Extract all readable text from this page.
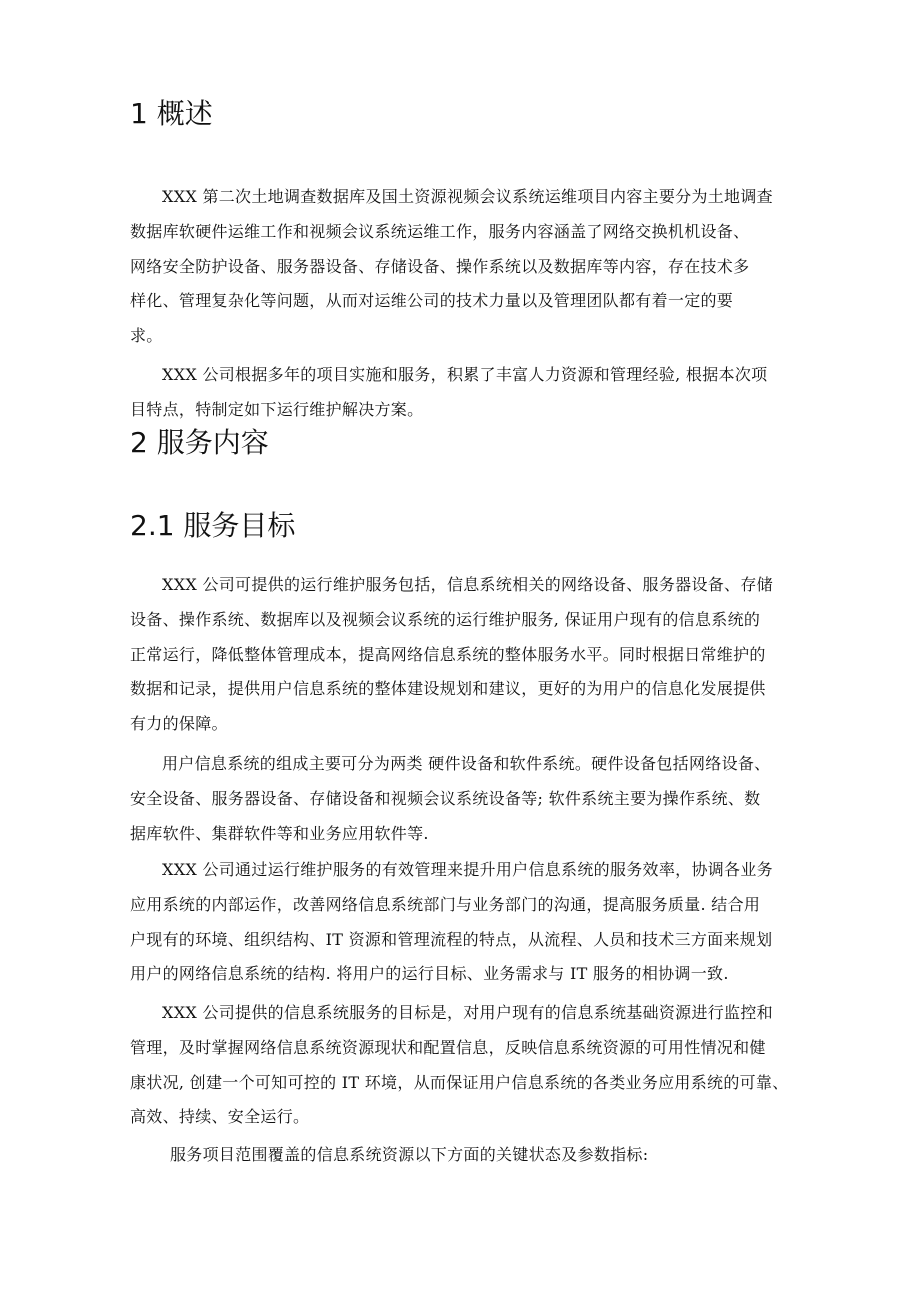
1 概述
XXX 第二次土地调查数据库及国土资源视频会议系统运维项目内容主要分为土地调查
数据库软硬件运维工作和视频会议系统运维工作，服务内容涵盖了网络交换机机设备、
网络安全防护设备、服务器设备、存储设备、操作系统以及数据库等内容，存在技术多
样化、管理复杂化等问题，从而对运维公司的技术力量以及管理团队都有着一定的要
求。
XXX 公司根据多年的项目实施和服务，积累了丰富人力资源和管理经验, 根据本次项
目特点，特制定如下运行维护解决方案。
2 服务内容
2.1 服务目标
XXX 公司可提供的运行维护服务包括，信息系统相关的网络设备、服务器设备、存储
设备、操作系统、数据库以及视频会议系统的运行维护服务, 保证用户现有的信息系统的
正常运行，降低整体管理成本，提高网络信息系统的整体服务水平。同时根据日常维护的
数据和记录，提供用户信息系统的整体建设规划和建议，更好的为用户的信息化发展提供
有力的保障。
用户信息系统的组成主要可分为两类 硬件设备和软件系统。硬件设备包括网络设备、
安全设备、服务器设备、存储设备和视频会议系统设备等; 软件系统主要为操作系统、数
据库软件、集群软件等和业务应用软件等.
XXX 公司通过运行维护服务的有效管理来提升用户信息系统的服务效率，协调各业务
应用系统的内部运作，改善网络信息系统部门与业务部门的沟通，提高服务质量. 结合用
户现有的环境、组织结构、IT 资源和管理流程的特点，从流程、人员和技术三方面来规划
用户的网络信息系统的结构. 将用户的运行目标、业务需求与 IT 服务的相协调一致.
XXX 公司提供的信息系统服务的目标是，对用户现有的信息系统基础资源进行监控和
管理，及时掌握网络信息系统资源现状和配置信息，反映信息系统资源的可用性情况和健
康状况, 创建一个可知可控的 IT 环境，从而保证用户信息系统的各类业务应用系统的可靠、
高效、持续、安全运行。
服务项目范围覆盖的信息系统资源以下方面的关键状态及参数指标:
